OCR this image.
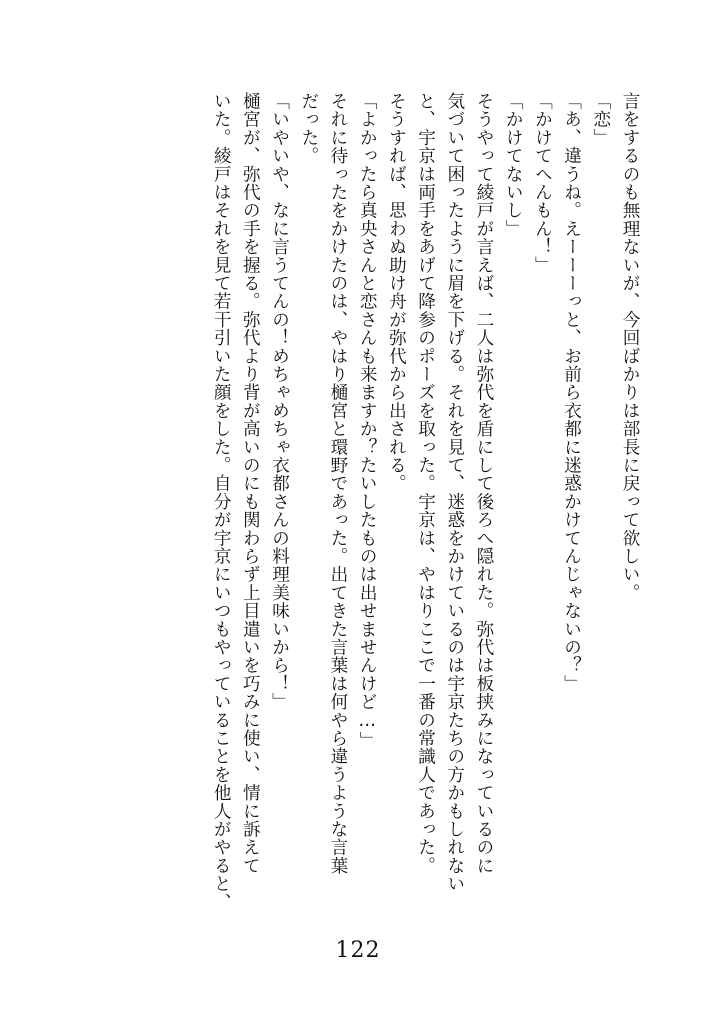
言をするのも無理ないが、今回ばかりは部長に戻って欲しい。

「恋」

「あ、違うね。えーーーっと、お前ら衣都に迷惑かけてんじゃないの？」

「かけてへんもん！」

「かけてないし」

そうやって綾戸が言えば、二人は弥代を盾にして後ろへ隠れた。弥代は板挟みになっているのに

気づいて困ったように眉を下げる。それを見て、迷惑をかけているのは宇京たちの方かもしれない

と、宇京は両手をあげて降参のポーズを取った。宇京は、やはりここで一番の常識人であった。

そうすれば、思わぬ助け舟が弥代から出される。

「よかったら真央さんと恋さんも来ますか？たいしたものは出せませんけど…」

それに待ったをかけたのは、やはり樋宮と環野であった。出てきた言葉は何やら違うような言葉

だった。

「いやいや、なに言うてんの！めちゃめちゃ衣都さんの料理美味いから！」

樋宮が、弥代の手を握る。弥代より背が高いのにも関わらず上目遣いを巧みに使い、情に訴えて

いた。綾戸はそれを見て若干引いた顔をした。自分が宇京にいつもやっていることを他人がやると、

122
